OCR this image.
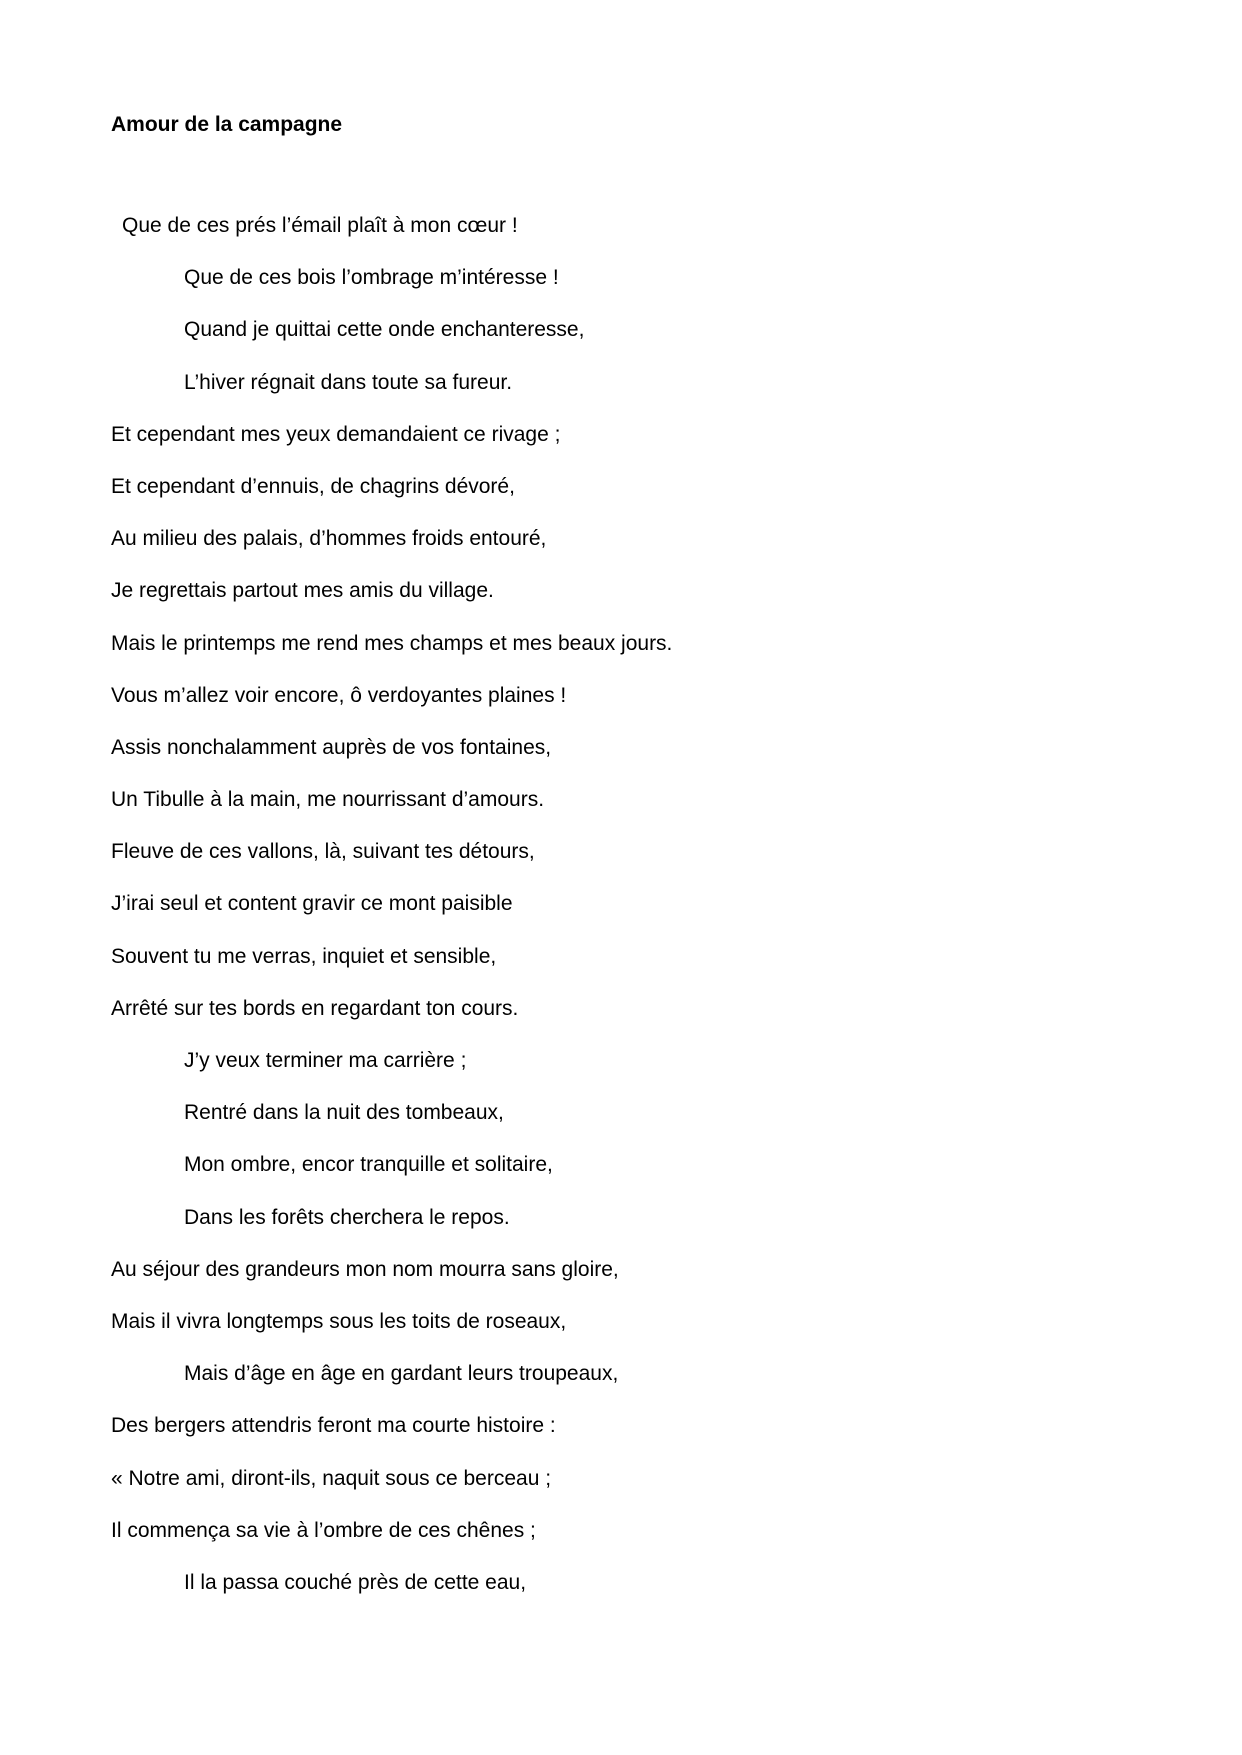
Amour de la campagne
Que de ces prés l’émail plaît à mon cœur !
Que de ces bois l’ombrage m’intéresse !
Quand je quittai cette onde enchanteresse,
L’hiver régnait dans toute sa fureur.
Et cependant mes yeux demandaient ce rivage ;
Et cependant d’ennuis, de chagrins dévoré,
Au milieu des palais, d’hommes froids entouré,
Je regrettais partout mes amis du village.
Mais le printemps me rend mes champs et mes beaux jours.
Vous m’allez voir encore, ô verdoyantes plaines !
Assis nonchalamment auprès de vos fontaines,
Un Tibulle à la main, me nourrissant d’amours.
Fleuve de ces vallons, là, suivant tes détours,
J’irai seul et content gravir ce mont paisible
Souvent tu me verras, inquiet et sensible,
Arrêté sur tes bords en regardant ton cours.
J’y veux terminer ma carrière ;
Rentré dans la nuit des tombeaux,
Mon ombre, encor tranquille et solitaire,
Dans les forêts cherchera le repos.
Au séjour des grandeurs mon nom mourra sans gloire,
Mais il vivra longtemps sous les toits de roseaux,
Mais d’âge en âge en gardant leurs troupeaux,
Des bergers attendris feront ma courte histoire :
« Notre ami, diront-ils, naquit sous ce berceau ;
Il commença sa vie à l’ombre de ces chênes ;
Il la passa couché près de cette eau,
